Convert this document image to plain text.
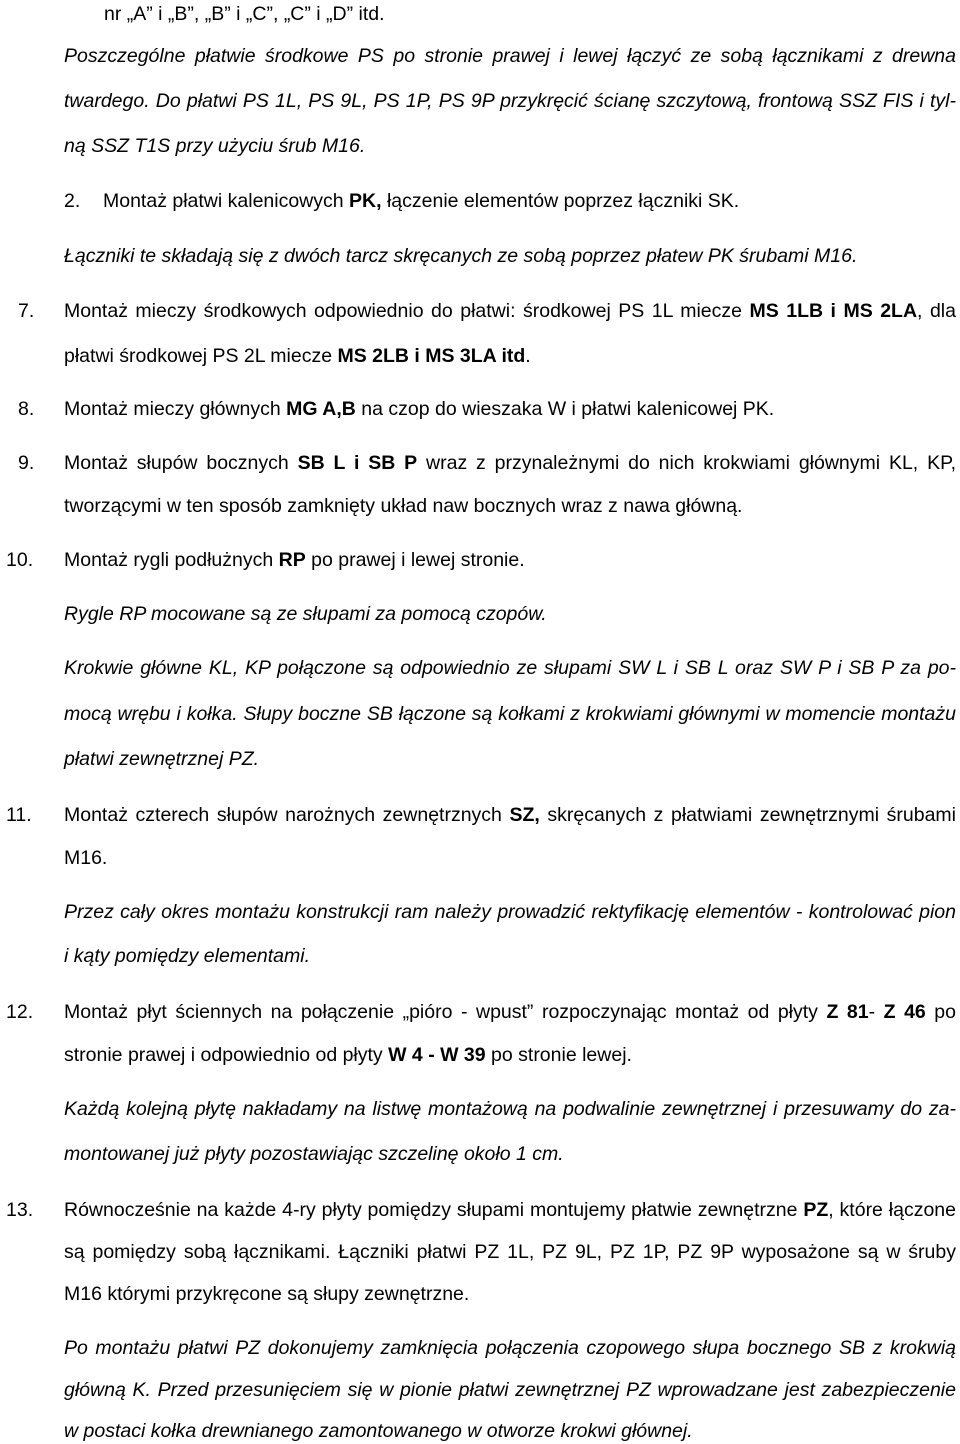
nr „A” i „B”, „B” i „C”, „C” i „D” itd.
Poszczególne płatwie środkowe PS po stronie prawej i lewej łączyć ze sobą łącznikami z drewna
twardego. Do płatwi PS 1L, PS 9L, PS 1P, PS 9P przykręcić ścianę szczytową, frontową SSZ FIS i tyl-
ną SSZ T1S przy użyciu śrub M16.
2. Montaż płatwi kalenicowych PK, łączenie elementów poprzez łączniki SK.
Łączniki te składają się z dwóch tarcz skręcanych ze sobą poprzez płatew PK śrubami M16.
7. Montaż mieczy środkowych odpowiednio do płatwi: środkowej PS 1L miecze MS 1LB i MS 2LA, dla
płatwi środkowej PS 2L miecze MS 2LB i MS 3LA itd.
8. Montaż mieczy głównych MG A,B na czop do wieszaka W i płatwi kalenicowej PK.
9. Montaż słupów bocznych SB L i SB P wraz z przynależnymi do nich krokwiami głównymi KL, KP,
tworzącymi w ten sposób zamknięty układ naw bocznych wraz z nawa główną.
10. Montaż rygli podłużnych RP po prawej i lewej stronie.
Rygle RP mocowane są ze słupami za pomocą czopów.
Krokwie główne KL, KP połączone są odpowiednio ze słupami SW L i SB L oraz SW P i SB P za po-
mocą wrębu i kołka. Słupy boczne SB łączone są kołkami z krokwiami głównymi w momencie montażu
płatwi zewnętrznej PZ.
11. Montaż czterech słupów narożnych zewnętrznych SZ, skręcanych z płatwiami zewnętrznymi śrubami
M16.
Przez cały okres montażu konstrukcji ram należy prowadzić rektyfikację elementów - kontrolować pion
i kąty pomiędzy elementami.
12. Montaż płyt ściennych na połączenie „pióro - wpust” rozpoczynając montaż od płyty Z 81- Z 46 po
stronie prawej i odpowiednio od płyty W 4 - W 39 po stronie lewej.
Każdą kolejną płytę nakładamy na listwę montażową na podwalinie zewnętrznej i przesuwamy do za-
montowanej już płyty pozostawiając szczelinę około 1 cm.
13. Równocześnie na każde 4-ry płyty pomiędzy słupami montujemy płatwie zewnętrzne PZ, które łączone
są pomiędzy sobą łącznikami. Łączniki płatwi PZ 1L, PZ 9L, PZ 1P, PZ 9P wyposażone są w śruby
M16 którymi przykręcone są słupy zewnętrzne.
Po montażu płatwi PZ dokonujemy zamknięcia połączenia czopowego słupa bocznego SB z krokwią
główną K. Przed przesunięciem się w pionie płatwi zewnętrznej PZ wprowadzane jest zabezpieczenie
w postaci kołka drewnianego zamontowanego w otworze krokwi głównej.
